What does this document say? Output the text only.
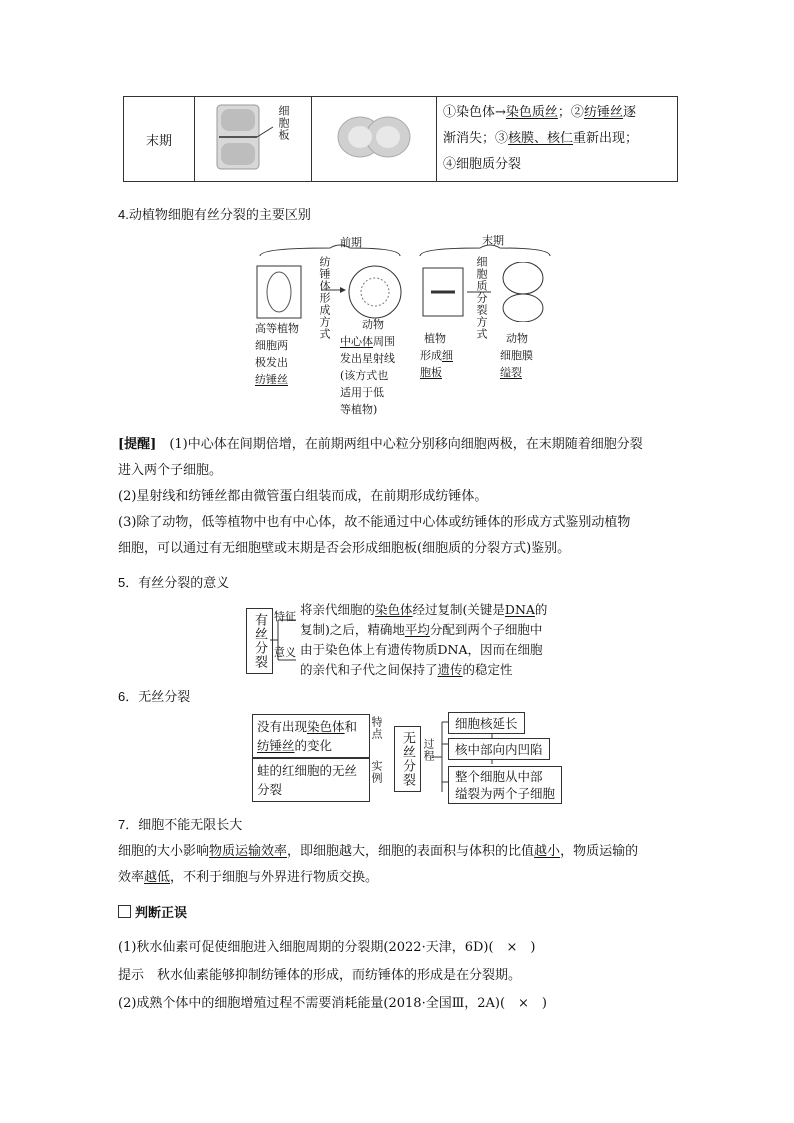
末期	细胞板		①染色体→染色质丝；②纺锤丝逐
渐消失；③核膜、核仁重新出现；
④细胞质分裂
4.动植物细胞有丝分裂的主要区别
前期	末期
纺锤体形成方式	细胞质分裂方式
高等植物
细胞两
极发出
纺锤丝
动物
中心体周围
发出星射线
(该方式也
适用于低
等植物)
植物
形成细
胞板
动物
细胞膜
缢裂
[提醒]　 (1)中心体在间期倍增，在前期两组中心粒分别移向细胞两极，在末期随着细胞分裂
进入两个子细胞。
(2)星射线和纺锤丝都由微管蛋白组装而成，在前期形成纺锤体。
(3)除了动物，低等植物中也有中心体，故不能通过中心体或纺锤体的形成方式鉴别动植物
细胞，可以通过有无细胞壁或末期是否会形成细胞板(细胞质的分裂方式)鉴别。
5．有丝分裂的意义
有丝分裂 特征
意义
将亲代细胞的染色体经过复制(关键是DNA的
复制)之后，精确地平均分配到两个子细胞中
由于染色体上有遗传物质DNA，因而在细胞
的亲代和子代之间保持了遗传的稳定性
6．无丝分裂
没有出现染色体和
纺锤丝的变化
蛙的红细胞的无丝分裂
特点
实例	无丝分裂 过程
细胞核延长
核中部向内凹陷
整个细胞从中部
缢裂为两个子细胞
7．细胞不能无限长大
细胞的大小影响物质运输效率，即细胞越大，细胞的表面积与体积的比值越小，物质运输的
效率越低，不利于细胞与外界进行物质交换。
判断正误
(1)秋水仙素可促使细胞进入细胞周期的分裂期(2022·天津，6D)(　×　)
提示　秋水仙素能够抑制纺锤体的形成，而纺锤体的形成是在分裂期。
(2)成熟个体中的细胞增殖过程不需要消耗能量(2018·全国Ⅲ，2A)(　×　)
